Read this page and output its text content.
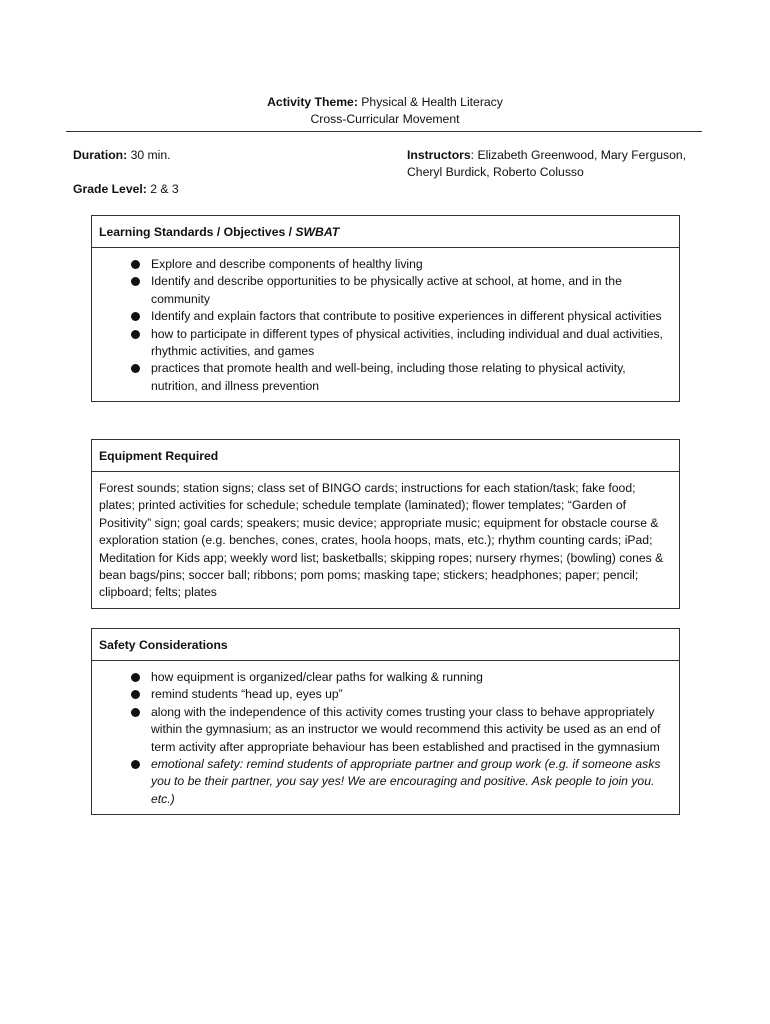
Activity Theme: Physical & Health Literacy
Cross-Curricular Movement
Duration: 30 min.
Grade Level: 2 & 3
Instructors: Elizabeth Greenwood, Mary Ferguson, Cheryl Burdick, Roberto Colusso
Learning Standards / Objectives / SWBAT
Explore and describe components of healthy living
Identify and describe opportunities to be physically active at school, at home, and in the community
Identify and explain factors that contribute to positive experiences in different physical activities
how to participate in different types of physical activities, including individual and dual activities, rhythmic activities, and games
practices that promote health and well-being, including those relating to physical activity, nutrition, and illness prevention
Equipment Required
Forest sounds; station signs; class set of BINGO cards; instructions for each station/task; fake food; plates; printed activities for schedule; schedule template (laminated); flower templates; “Garden of Positivity” sign; goal cards; speakers; music device; appropriate music; equipment for obstacle course & exploration station (e.g. benches, cones, crates, hoola hoops, mats, etc.); rhythm counting cards; iPad; Meditation for Kids app; weekly word list; basketballs; skipping ropes; nursery rhymes; (bowling) cones & bean bags/pins; soccer ball; ribbons; pom poms; masking tape; stickers; headphones; paper; pencil; clipboard; felts; plates
Safety Considerations
how equipment is organized/clear paths for walking & running
remind students “head up, eyes up”
along with the independence of this activity comes trusting your class to behave appropriately within the gymnasium; as an instructor we would recommend this activity be used as an end of term activity after appropriate behaviour has been established and practised in the gymnasium
emotional safety: remind students of appropriate partner and group work (e.g. if someone asks you to be their partner, you say yes! We are encouraging and positive. Ask people to join you. etc.)
